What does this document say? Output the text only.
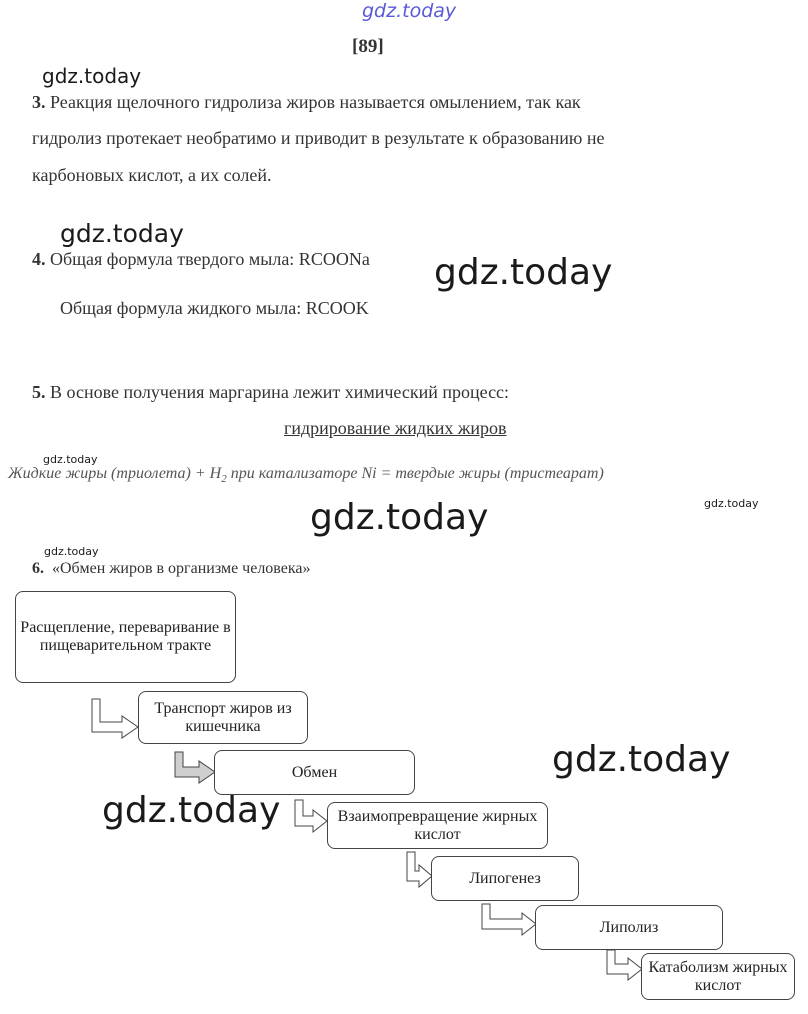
gdz.today
[89]
gdz.today
3. Реакция щелочного гидролиза жиров называется омылением, так как
гидролиз протекает необратимо и приводит в результате к образованию не
карбоновых кислот, а их солей.
gdz.today
4. Общая формула твердого мыла: RCOONa gdz.today
Общая формула жидкого мыла: RCOOK
5. В основе получения маргарина лежит химический процесс:
гидрирование жидких жиров
gdz.today
Жидкие жиры (триолета) + $H_2$ при катализаторе Ni = твердые жиры (тристеарат)
gdz.today
gdz.today
gdz.today
6. «Обмен жиров в организме человека»
Расщепление, переваривание в пищеварительном тракте
Транспорт жиров из кишечника
Обмен
Взаимопревращение жирных кислот
Липогенез
Липолиз
Катаболизм жирных кислот
gdz.today
gdz.today
